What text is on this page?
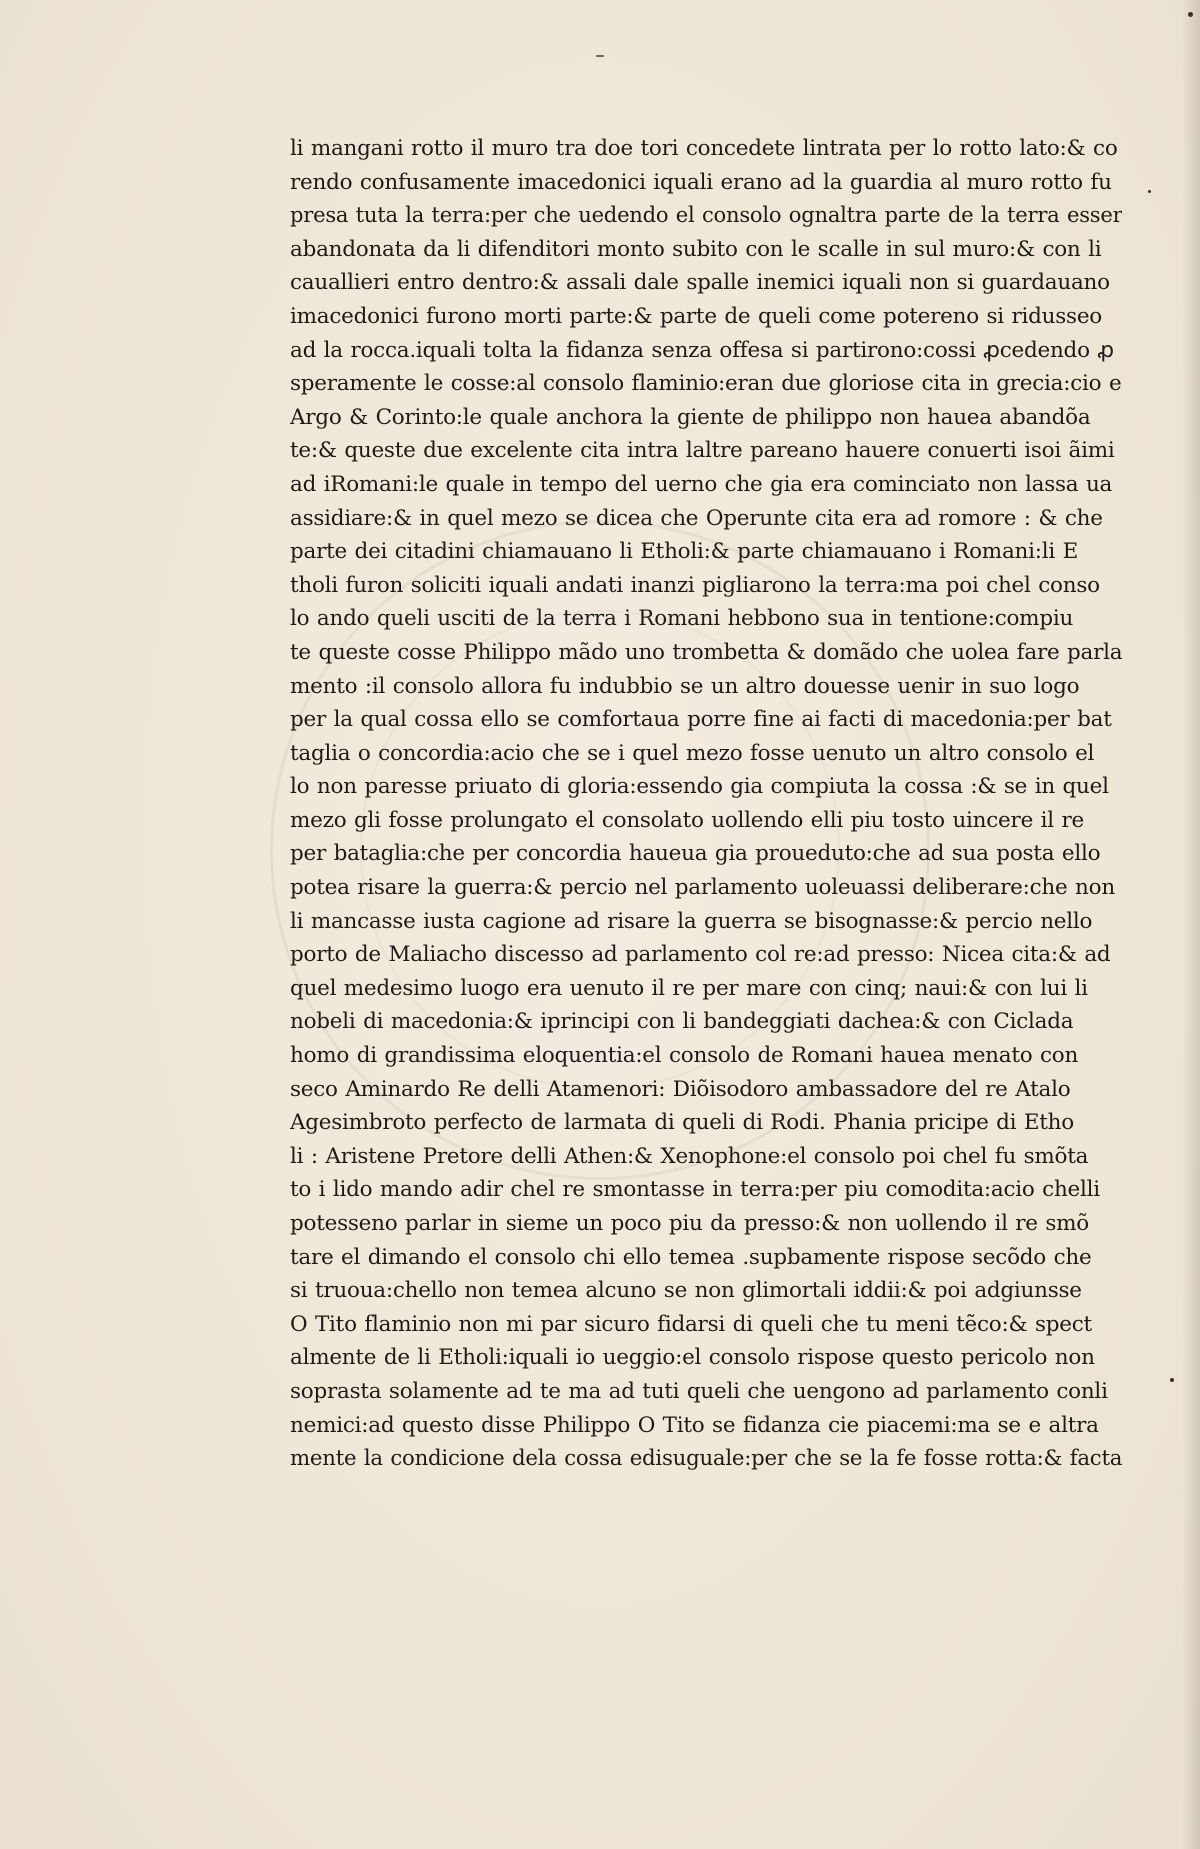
li mangani rotto il muro tra doe tori concedete lintrata per lo rotto lato:& co
rendo confusamente imacedonici iquali erano ad la guardia al muro rotto fu
presa tuta la terra:per che uedendo el consolo ognaltra parte de la terra esser
abandonata da li difenditori monto subito con le scalle in sul muro:& con li
cauallieri entro dentro:& assali dale spalle inemici iquali non si guardauano
imacedonici furono morti parte:& parte de queli come potereno si ridusseo
ad la rocca.iquali tolta la fidanza senza offesa si partirono:cossi ꝓcedendo ꝓ
speramente le cosse:al consolo flaminio:eran due gloriose cita in grecia:cio e
Argo & Corinto:le quale anchora la giente de philippo non hauea abandõa
te:& queste due excelente cita intra laltre pareano hauere conuerti isoi ãimi
ad iRomani:le quale in tempo del uerno che gia era cominciato non lassa ua
assidiare:& in quel mezo se dicea che Operunte cita era ad romore : & che
parte dei citadini chiamauano li Etholi:& parte chiamauano i Romani:li E
tholi furon soliciti iquali andati inanzi pigliarono la terra:ma poi chel conso
lo ando queli usciti de la terra i Romani hebbono sua in tentione:compiu
te queste cosse Philippo mãdo uno trombetta & domãdo che uolea fare parla
mento :il consolo allora fu indubbio se un altro douesse uenir in suo logo
per la qual cossa ello se comfortaua porre fine ai facti di macedonia:per bat
taglia o concordia:acio che se i quel mezo fosse uenuto un altro consolo el
lo non paresse priuato di gloria:essendo gia compiuta la cossa :& se in quel
mezo gli fosse prolungato el consolato uollendo elli piu tosto uincere il re
per bataglia:che per concordia haueua gia proueduto:che ad sua posta ello
potea risare la guerra:& percio nel parlamento uoleuassi deliberare:che non
li mancasse iusta cagione ad risare la guerra se bisognasse:& percio nello
porto de Maliacho discesso ad parlamento col re:ad presso: Nicea cita:& ad
quel medesimo luogo era uenuto il re per mare con cinq; naui:& con lui li
nobeli di macedonia:& iprincipi con li bandeggiati dachea:& con Ciclada
homo di grandissima eloquentia:el consolo de Romani hauea menato con
seco Aminardo Re delli Atamenori: Diõisodoro ambassadore del re Atalo
Agesimbroto perfecto de larmata di queli di Rodi. Phania pricipe di Etho
li : Aristene Pretore delli Athen:& Xenophone:el consolo poi chel fu smõta
to i lido mando adir chel re smontasse in terra:per piu comodita:acio chelli
potesseno parlar in sieme un poco piu da presso:& non uollendo il re smõ
tare el dimando el consolo chi ello temea .supbamente rispose secõdo che
si truoua:chello non temea alcuno se non glimortali iddii:& poi adgiunsse
O Tito flaminio non mi par sicuro fidarsi di queli che tu meni tẽco:& spect
almente de li Etholi:iquali io ueggio:el consolo rispose questo pericolo non
soprasta solamente ad te ma ad tuti queli che uengono ad parlamento conli
nemici:ad questo disse Philippo O Tito se fidanza cie piacemi:ma se e altra
mente la condicione dela cossa edisuguale:per che se la fe fosse rotta:& facta
